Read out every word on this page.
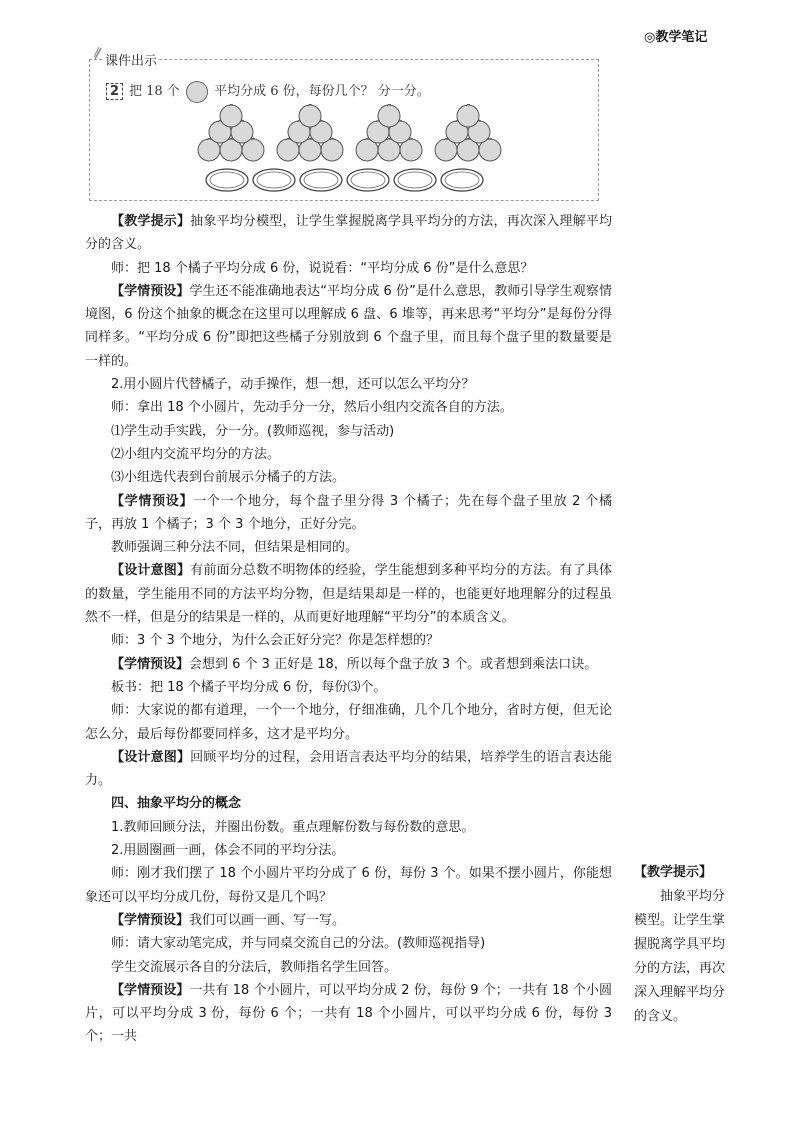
◎教学笔记
课件出示
2 把 18 个	平均分成 6 份，每份几个？ 分一分。

【教学提示】抽象平均分模型，让学生掌握脱离学具平均分的方法，再次深入理解平均分的含义。

师：把 18 个橘子平均分成 6 份，说说看：“平均分成 6 份”是什么意思？

【学情预设】学生还不能准确地表达“平均分成 6 份”是什么意思，教师引导学生观察情境图，6 份这个抽象的概念在这里可以理解成 6 盘、6 堆等，再来思考“平均分”是每份分得同样多。“平均分成 6 份”即把这些橘子分别放到 6 个盘子里，而且每个盘子里的数量要是一样的。

2.用小圆片代替橘子，动手操作，想一想，还可以怎么平均分？

师：拿出 18 个小圆片，先动手分一分，然后小组内交流各自的方法。

⑴学生动手实践，分一分。(教师巡视，参与活动)

⑵小组内交流平均分的方法。

⑶小组选代表到台前展示分橘子的方法。

【学情预设】一个一个地分，每个盘子里分得 3 个橘子；先在每个盘子里放 2 个橘子，再放 1 个橘子；3 个 3 个地分，正好分完。

教师强调三种分法不同，但结果是相同的。

【设计意图】有前面分总数不明物体的经验，学生能想到多种平均分的方法。有了具体的数量，学生能用不同的方法平均分物，但是结果却是一样的，也能更好地理解分的过程虽然不一样，但是分的结果是一样的，从而更好地理解“平均分”的本质含义。

师：3 个 3 个地分，为什么会正好分完？你是怎样想的？

【学情预设】会想到 6 个 3 正好是 18，所以每个盘子放 3 个。或者想到乘法口诀。

板书：把 18 个橘子平均分成 6 份，每份⑶个。

师：大家说的都有道理，一个一个地分，仔细准确，几个几个地分，省时方便，但无论怎么分，最后每份都要同样多，这才是平均分。

【设计意图】回顾平均分的过程，会用语言表达平均分的结果，培养学生的语言表达能力。

四、抽象平均分的概念

1.教师回顾分法，并圈出份数。重点理解份数与每份数的意思。

2.用圆圈画一画，体会不同的平均分法。

师：刚才我们摆了 18 个小圆片平均分成了 6 份，每份 3 个。如果不摆小圆片，你能想象还可以平均分成几份，每份又是几个吗？

【学情预设】我们可以画一画、写一写。

师：请大家动笔完成，并与同桌交流自己的分法。(教师巡视指导)

学生交流展示各自的分法后，教师指名学生回答。

【学情预设】一共有 18 个小圆片，可以平均分成 2 份，每份 9 个；一共有 18 个小圆片，可以平均分成 3 份，每份 6 个；一共有 18 个小圆片，可以平均分成 6 份，每份 3 个；一共

【教学提示】

抽象平均分模型。让学生掌握脱离学具平均分的方法，再次深入理解平均分的含义。
